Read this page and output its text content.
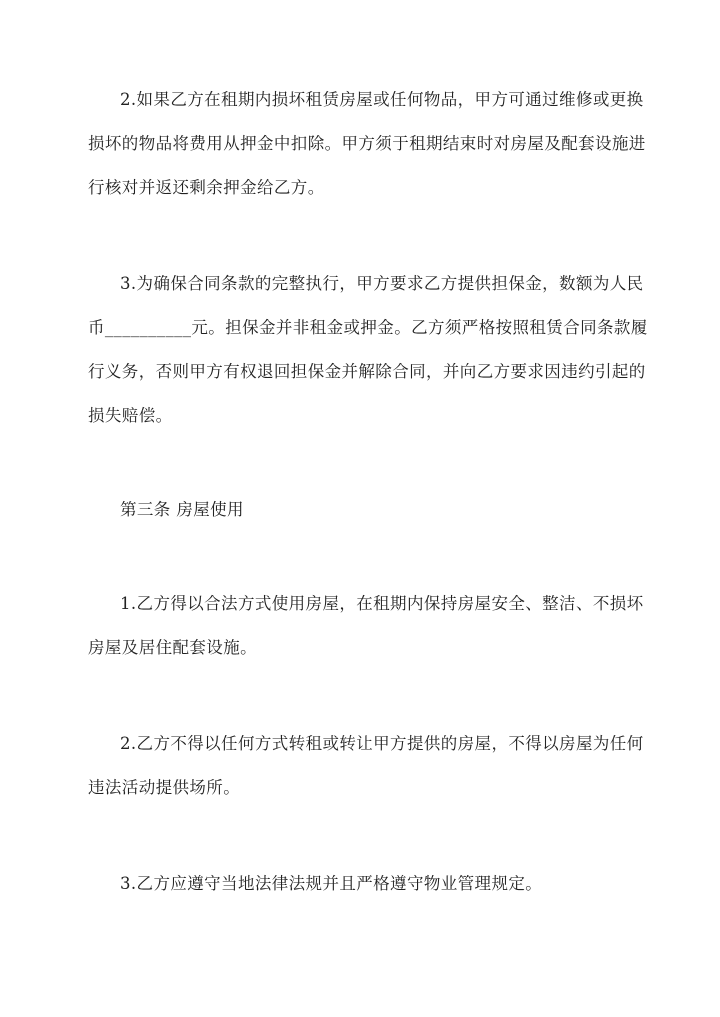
2.如果乙方在租期内损坏租赁房屋或任何物品，甲方可通过维修或更换损坏的物品将费用从押金中扣除。甲方须于租期结束时对房屋及配套设施进行核对并返还剩余押金给乙方。

3.为确保合同条款的完整执行，甲方要求乙方提供担保金，数额为人民币__________元。担保金并非租金或押金。乙方须严格按照租赁合同条款履行义务，否则甲方有权退回担保金并解除合同，并向乙方要求因违约引起的损失赔偿。

第三条 房屋使用

1.乙方得以合法方式使用房屋，在租期内保持房屋安全、整洁、不损坏房屋及居住配套设施。

2.乙方不得以任何方式转租或转让甲方提供的房屋，不得以房屋为任何违法活动提供场所。

3.乙方应遵守当地法律法规并且严格遵守物业管理规定。
